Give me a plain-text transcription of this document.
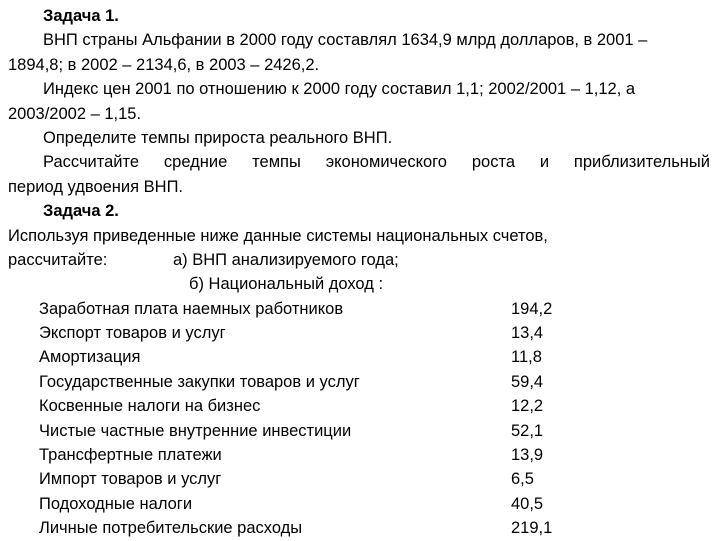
Задача 1.
ВНП страны Альфании в 2000 году составлял 1634,9 млрд долларов, в 2001 –
1894,8; в 2002 – 2134,6, в 2003 – 2426,2.
Индекс цен 2001 по отношению к 2000 году составил 1,1; 2002/2001 – 1,12, а
2003/2002 – 1,15.
Определите темпы прироста реального ВНП.
Рассчитайте средние темпы экономического роста и приблизительный
период удвоения ВНП.
Задача 2.
Используя приведенные ниже данные системы национальных счетов,
рассчитайте:	а) ВНП анализируемого года;
б) Национальный доход :
Заработная плата наемных работников	194,2
Экспорт товаров и услуг	13,4
Амортизация	11,8
Государственные закупки товаров и услуг	59,4
Косвенные налоги на бизнес	12,2
Чистые частные внутренние инвестиции	52,1
Трансфертные платежи	13,9
Импорт товаров и услуг	6,5
Подоходные налоги	40,5
Личные потребительские расходы	219,1
